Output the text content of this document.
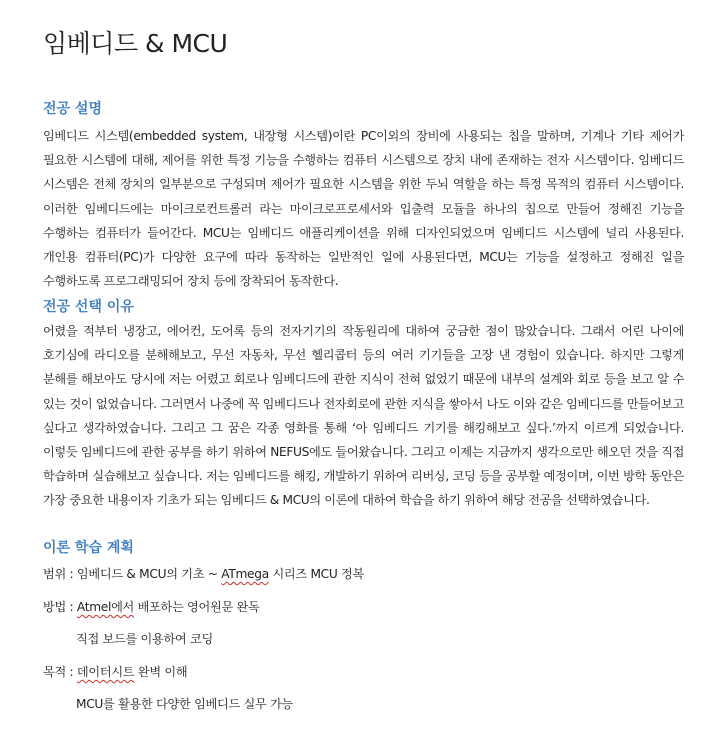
임베디드 & MCU
전공 설명

임베디드 시스템(embedded system, 내장형 시스템)이란 PC이외의 장비에 사용되는 칩을 말하며, 기계나 기타 제어가 필요한 시스템에 대해, 제어를 위한 특정 기능을 수행하는 컴퓨터 시스템으로 장치 내에 존재하는 전자 시스템이다. 임베디드 시스템은 전체 장치의 일부분으로 구성되며 제어가 필요한 시스템을 위한 두뇌 역할을 하는 특정 목적의 컴퓨터 시스템이다. 이러한 임베디드에는 마이크로컨트롤러 라는 마이크로프로세서와 입출력 모듈을 하나의 칩으로 만들어 정해진 기능을 수행하는 컴퓨터가 들어간다. MCU는 임베디드 애플리케이션을 위해 디자인되었으며 임베디드 시스템에 널리 사용된다. 개인용 컴퓨터(PC)가 다양한 요구에 따라 동작하는 일반적인 일에 사용된다면, MCU는 기능을 설정하고 정해진 일을 수행하도록 프로그래밍되어 장치 등에 장착되어 동작한다.

전공 선택 이유

어렸을 적부터 냉장고, 에어컨, 도어록 등의 전자기기의 작동원리에 대하여 궁금한 점이 많았습니다. 그래서 어린 나이에 호기심에 라디오를 분해해보고, 무선 자동차, 무선 헬리콥터 등의 여러 기기들을 고장 낸 경험이 있습니다. 하지만 그렇게 분해를 해보아도 당시에 저는 어렸고 회로나 임베디드에 관한 지식이 전혀 없었기 때문에 내부의 설계와 회로 등을 보고 알 수 있는 것이 없었습니다. 그러면서 나중에 꼭 임베디드나 전자회로에 관한 지식을 쌓아서 나도 이와 같은 임베디드를 만들어보고 싶다고 생각하였습니다. 그리고 그 꿈은 각종 영화를 통해 ‘아 임베디드 기기를 해킹해보고 싶다.’까지 이르게 되었습니다. 이렇듯 임베디드에 관한 공부를 하기 위하여 NEFUS에도 들어왔습니다. 그리고 이제는 지금까지 생각으로만 해오던 것을 직접 학습하며 실습해보고 싶습니다. 저는 임베디드를 해킹, 개발하기 위하여 리버싱, 코딩 등을 공부할 예정이며, 이번 방학 동안은 가장 중요한 내용이자 기초가 되는 임베디드 & MCU의 이론에 대하여 학습을 하기 위하여 해당 전공을 선택하였습니다.

이론 학습 계획
범위 : 임베디드 & MCU의 기초 ~ ATmega 시리즈 MCU 정복
방법 : Atmel에서 배포하는 영어원문 완독
직접 보드를 이용하여 코딩
목적 : 데이터시트 완벽 이해
MCU를 활용한 다양한 임베디드 실무 가능
